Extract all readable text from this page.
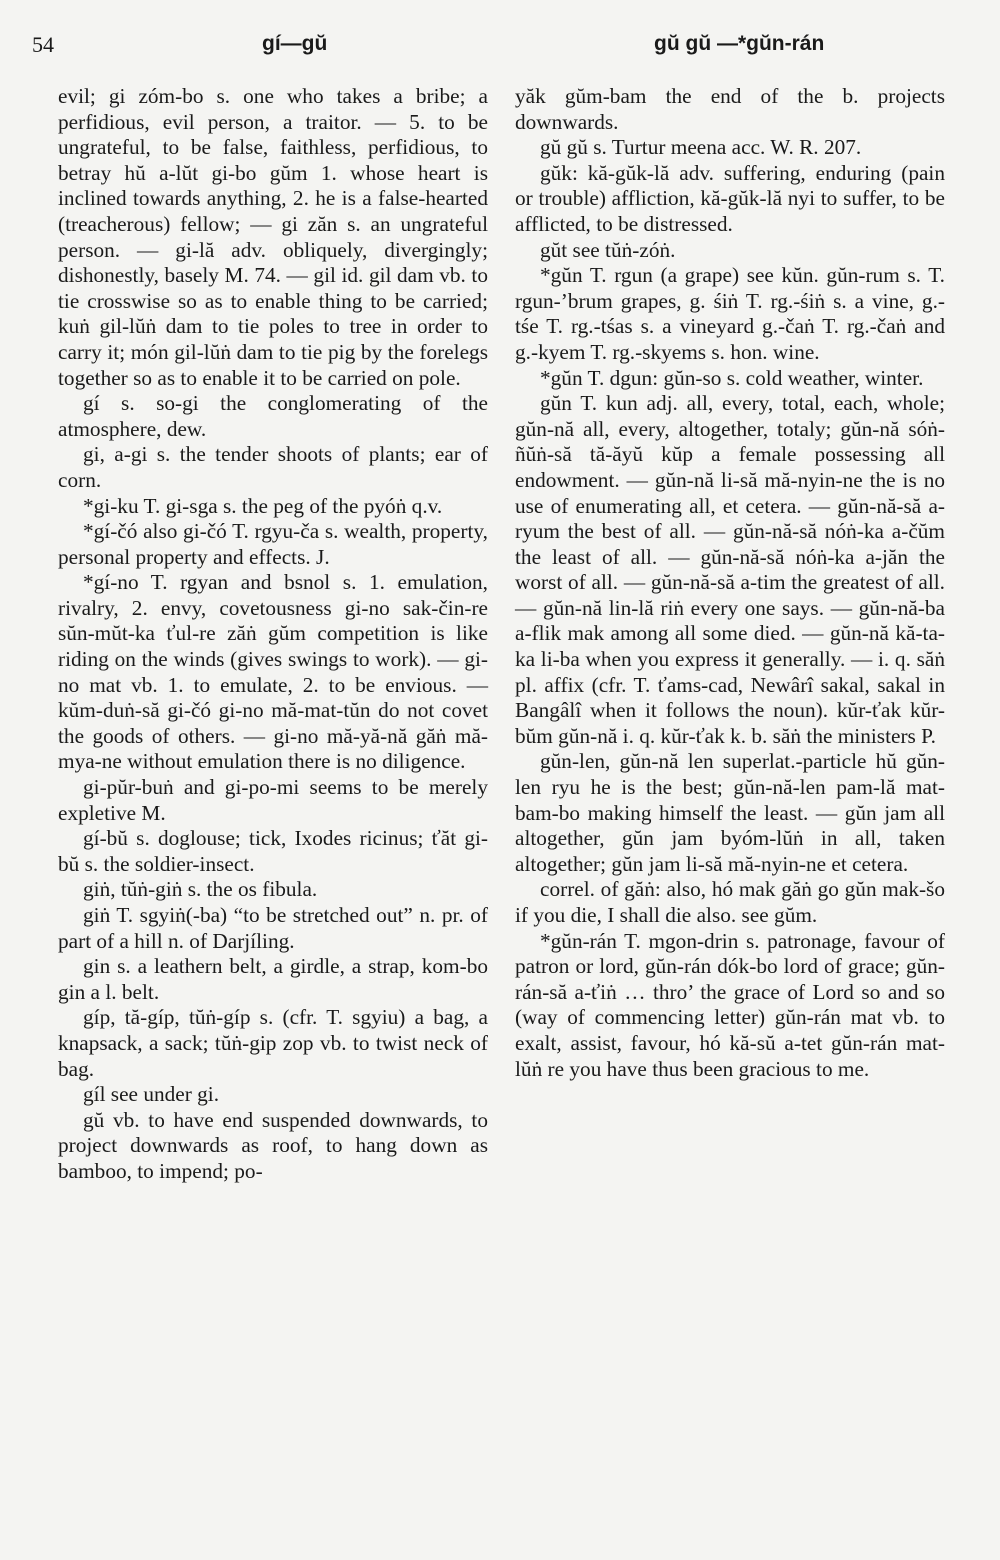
54	gí—gŭ	gŭ gŭ —*gŭn-rán

evil; gi zóm-bo s. one who takes a bribe; a perfidious, evil person, a traitor. — 5. to be ungrateful, to be false, faithless, perfidious, to betray hŭ a-lŭt gi-bo gŭm 1. whose heart is inclined towards anything, 2. he is a false-hearted (treacherous) fellow; — gi zăn s. an ungrateful person. — gi-lă adv. obliquely, divergingly; dishonestly, basely M. 74. — gil id. gil dam vb. to tie crosswise so as to enable thing to be carried; kuṅ gil-lŭṅ dam to tie poles to tree in order to carry it; món gil-lŭṅ dam to tie pig by the forelegs together so as to enable it to be carried on pole.

gí s. so-gi the conglomerating of the atmosphere, dew.

gi, a-gi s. the tender shoots of plants; ear of corn.

*gi-ku T. gi-sga s. the peg of the pyóṅ q.v.

*gí-čó also gi-čó T. rgyu-ča s. wealth, property, personal property and effects. J.

*gí-no T. rgyan and bsnol s. 1. emulation, rivalry, 2. envy, covetousness gi-no sak-čin-re sŭn-mŭt-ka ťul-re zăṅ gŭm competition is like riding on the winds (gives swings to work). — gi-no mat vb. 1. to emulate, 2. to be envious. — kŭm-duṅ-să gi-čó gi-no mă-mat-tŭn do not covet the goods of others. — gi-no mă-yă-nă găṅ mă-mya-ne without emulation there is no diligence.

gi-pŭr-buṅ and gi-po-mi seems to be merely expletive M.

gí-bŭ s. doglouse; tick, Ixodes ricinus; ťăt gi-bŭ s. the soldier-insect.

giṅ, tŭṅ-giṅ s. the os fibula.

giṅ T. sgyiṅ(-ba) “to be stretched out” n. pr. of part of a hill n. of Darjíling.

gin s. a leathern belt, a girdle, a strap, kom-bo gin a l. belt.

gíp, tă-gíp, tŭṅ-gíp s. (cfr. T. sgyiu) a bag, a knapsack, a sack; tŭṅ-gip zop vb. to twist neck of bag.

gíl see under gi.

gŭ vb. to have end suspended downwards, to project downwards as roof, to hang down as bamboo, to impend; po-

yăk gŭm-bam the end of the b. projects downwards.

gŭ gŭ s. Turtur meena acc. W. R. 207.

gŭk: kă-gŭk-lă adv. suffering, enduring (pain or trouble) affliction, kă-gŭk-lă nyi to suffer, to be afflicted, to be distressed.

gŭt see tŭṅ-zóṅ.

*gŭn T. rgun (a grape) see kŭn. gŭn-rum s. T. rgun-’brum grapes, g. śiṅ T. rg.-śiṅ s. a vine, g.-tśe T. rg.-tśas s. a vineyard g.-čaṅ T. rg.-čaṅ and g.-kyem T. rg.-skyems s. hon. wine.

*gŭn T. dgun: gŭn-so s. cold weather, winter.

gŭn T. kun adj. all, every, total, each, whole; gŭn-nă all, every, altogether, totaly; gŭn-nă sóṅ-ñŭṅ-să tă-ăyŭ kŭp a female possessing all endowment. — gŭn-nă li-să mă-nyin-ne the is no use of enumerating all, et cetera. — gŭn-nă-să a-ryum the best of all. — gŭn-nă-să nóṅ-ka a-čŭm the least of all. — gŭn-nă-să nóṅ-ka a-jăn the worst of all. — gŭn-nă-să a-tim the greatest of all. — gŭn-nă lin-lă riṅ every one says. — gŭn-nă-ba a-flik mak among all some died. — gŭn-nă kă-ta-ka li-ba when you express it generally. — i. q. săṅ pl. affix (cfr. T. ťams-cad, Newârî sakal, sakal in Bangâlî when it follows the noun). kŭr-ťak kŭr-bŭm gŭn-nă i. q. kŭr-ťak k. b. săṅ the ministers P.

gŭn-len, gŭn-nă len superlat.-particle hŭ gŭn-len ryu he is the best; gŭn-nă-len pam-lă mat-bam-bo making himself the least. — gŭn jam all altogether, gŭn jam byóm-lŭṅ in all, taken altogether; gŭn jam li-să mă-nyin-ne et cetera.

correl. of găṅ: also, hó mak găṅ go gŭn mak-šo if you die, I shall die also. see gŭm.

*gŭn-rán T. mgon-drin s. patronage, favour of patron or lord, gŭn-rán dók-bo lord of grace; gŭn-rán-să a-ťiṅ … thro’ the grace of Lord so and so (way of commencing letter) gŭn-rán mat vb. to exalt, assist, favour, hó kă-sŭ a-tet gŭn-rán mat-lŭṅ re you have thus been gracious to me.
